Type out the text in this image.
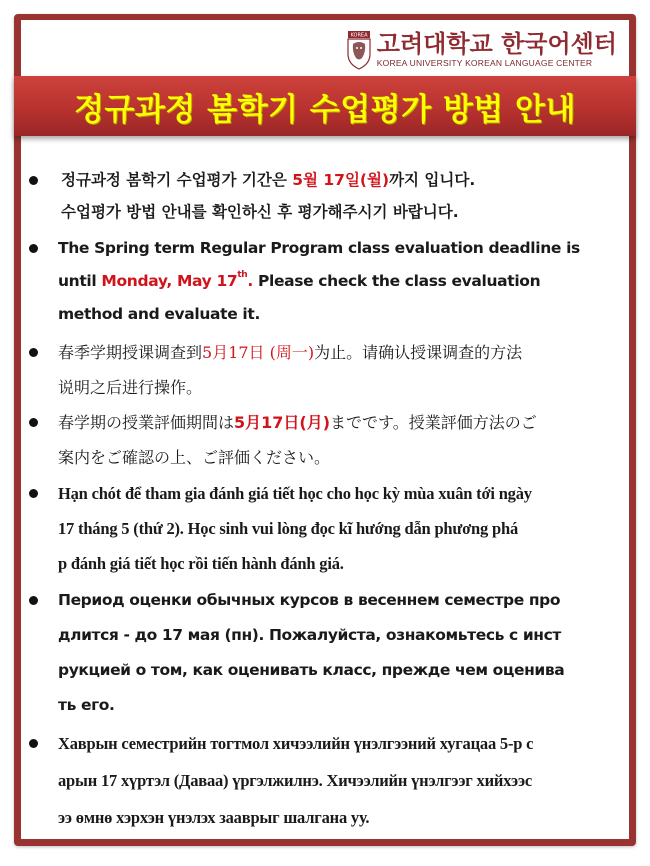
KOREA 고려대학교 한국어센터
KOREA UNIVERSITY KOREAN LANGUAGE CENTER
정규과정 봄학기 수업평가 방법 안내
정규과정 봄학기 수업평가 기간은 5월 17일(월)까지 입니다.
수업평가 방법 안내를 확인하신 후 평가해주시기 바랍니다.
The Spring term Regular Program class evaluation deadline is
until Monday, May 17th. Please check the class evaluation
method and evaluate it.
春季学期授课调查到5月17日 (周一)为止。请确认授课调查的方法
说明之后进行操作。
春学期の授業評価期間は5月17日(月)までです。授業評価方法のご
案内をご確認の上、ご評価ください。
Hạn chót để tham gia đánh giá tiết học cho học kỳ mùa xuân tới ngày
17 tháng 5 (thứ 2). Học sinh vui lòng đọc kĩ hướng dẫn phương phá
p đánh giá tiết học rồi tiến hành đánh giá.
Период оценки обычных курсов в весеннем семестре про
длится - до 17 мая (пн). Пожалуйста, ознакомьтесь с инст
рукцией о том, как оценивать класс, прежде чем оценива
ть его.
Хаврын семестрийн тогтмол хичээлийн үнэлгээний хугацаа 5-р с
арын 17 хүртэл (Даваа) үргэлжилнэ. Хичээлийн үнэлгээг хийхээс
ээ өмнө хэрхэн үнэлэх зааврыг шалгана уу.
